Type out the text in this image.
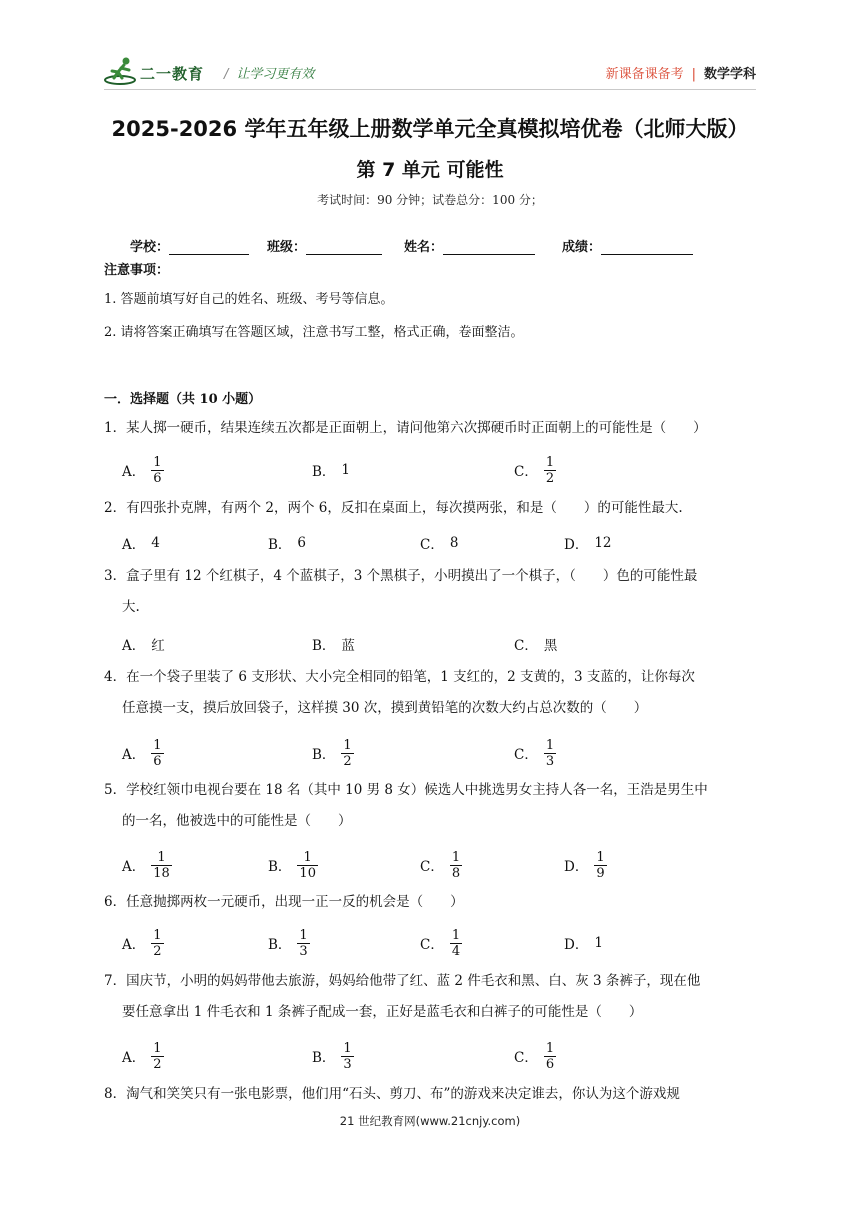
二一教育 / 让学习更有效	新课备课备考 | 数学学科
2025-2026 学年五年级上册数学单元全真模拟培优卷（北师大版）
第 7 单元 可能性
考试时间：90 分钟；试卷总分：100 分；
学校：	班级：	姓名：	成绩：
注意事项：
1. 答题前填写好自己的姓名、班级、考号等信息。
2. 请将答案正确填写在答题区域，注意书写工整，格式正确，卷面整洁。
一．选择题（共 10 小题）
1．某人掷一硬币，结果连续五次都是正面朝上，请问他第六次掷硬币时正面朝上的可能性是（　　）
A． $\frac{1}{6}$	B． 1	C． $\frac{1}{2}$
2．有四张扑克牌，有两个 2，两个 6，反扣在桌面上，每次摸两张，和是（　　）的可能性最大.
A． 4	B． 6	C． 8	D． 12
3．盒子里有 12 个红棋子，4 个蓝棋子，3 个黑棋子，小明摸出了一个棋子，（　　）色的可能性最
大.
A． 红	B． 蓝	C． 黑
4．在一个袋子里装了 6 支形状、大小完全相同的铅笔，1 支红的，2 支黄的，3 支蓝的，让你每次
任意摸一支，摸后放回袋子，这样摸 30 次，摸到黄铅笔的次数大约占总次数的（　　）
A． $\frac{1}{6}$	B． $\frac{1}{2}$	C． $\frac{1}{3}$
5．学校红领巾电视台要在 18 名（其中 10 男 8 女）候选人中挑选男女主持人各一名，王浩是男生中
的一名，他被选中的可能性是（　　）
A． $\frac{1}{18}$	B． $\frac{1}{10}$	C． $\frac{1}{8}$	D． $\frac{1}{9}$
6．任意抛掷两枚一元硬币，出现一正一反的机会是（　　）
A． $\frac{1}{2}$	B． $\frac{1}{3}$	C． $\frac{1}{4}$	D． 1
7．国庆节，小明的妈妈带他去旅游，妈妈给他带了红、蓝 2 件毛衣和黑、白、灰 3 条裤子，现在他
要任意拿出 1 件毛衣和 1 条裤子配成一套，正好是蓝毛衣和白裤子的可能性是（　　）
A． $\frac{1}{2}$	B． $\frac{1}{3}$	C． $\frac{1}{6}$
8．淘气和笑笑只有一张电影票，他们用“石头、剪刀、布”的游戏来决定谁去，你认为这个游戏规
21 世纪教育网(www.21cnjy.com)
